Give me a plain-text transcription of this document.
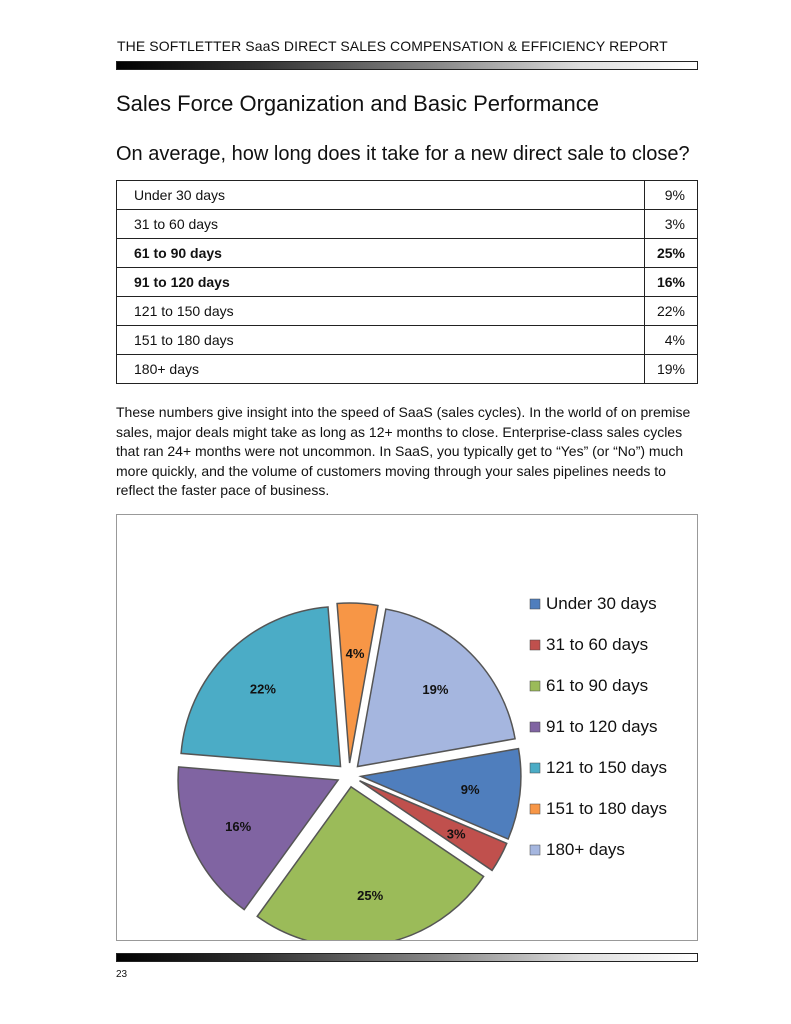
THE SOFTLETTER SaaS DIRECT SALES COMPENSATION & EFFICIENCY REPORT
Sales Force Organization and Basic Performance
On average, how long does it take for a new direct sale to close?
Under 30 days	9%
31 to 60 days	3%
61 to 90 days	25%
91 to 120 days	16%
121 to 150 days	22%
151 to 180 days	4%
180+ days	19%
These numbers give insight into the speed of SaaS (sales cycles). In the world of on premise sales, major deals might take as long as 12+ months to close. Enterprise-class sales cycles that ran 24+ months were not uncommon. In SaaS, you typically get to “Yes” (or “No”) much more quickly, and the volume of customers moving through your sales pipelines needs to reflect the faster pace of business.
9%
3%
25%
16%
22%
4%
19%
Under 30 days
31 to 60 days
61 to 90 days
91 to 120 days
121 to 150 days
151 to 180 days
180+ days
23
